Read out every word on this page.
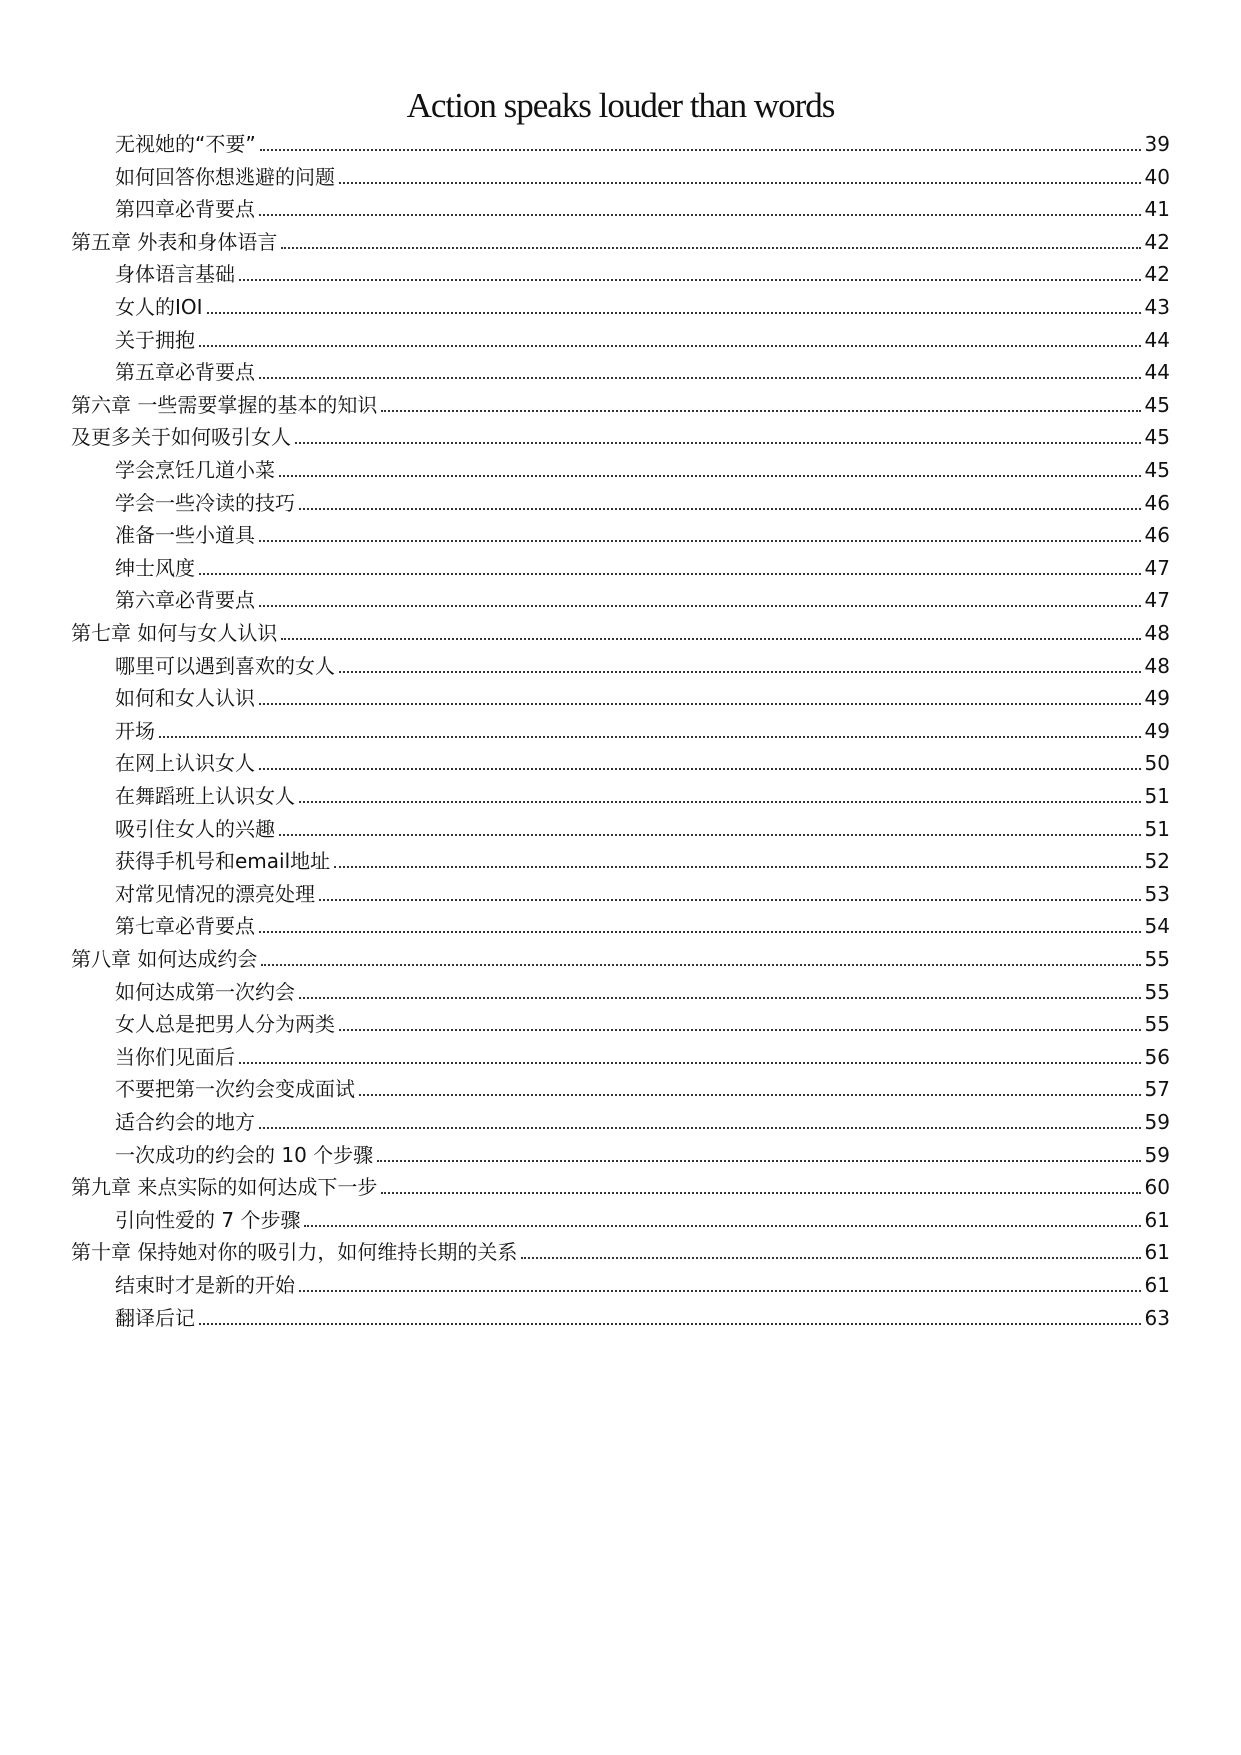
Action speaks louder than words
无视她的“不要”	39
如何回答你想逃避的问题	40
第四章必背要点	41
第五章 外表和身体语言	42
身体语言基础	42
女人的IOI	43
关于拥抱	44
第五章必背要点	44
第六章 一些需要掌握的基本的知识	45
及更多关于如何吸引女人	45
学会烹饪几道小菜	45
学会一些冷读的技巧	46
准备一些小道具	46
绅士风度	47
第六章必背要点	47
第七章 如何与女人认识	48
哪里可以遇到喜欢的女人	48
如何和女人认识	49
开场	49
在网上认识女人	50
在舞蹈班上认识女人	51
吸引住女人的兴趣	51
获得手机号和email地址	52
对常见情况的漂亮处理	53
第七章必背要点	54
第八章 如何达成约会	55
如何达成第一次约会	55
女人总是把男人分为两类	55
当你们见面后	56
不要把第一次约会变成面试	57
适合约会的地方	59
一次成功的约会的 10 个步骤	59
第九章 来点实际的如何达成下一步	60
引向性爱的 7 个步骤	61
第十章 保持她对你的吸引力，如何维持长期的关系	61
结束时才是新的开始	61
翻译后记	63
